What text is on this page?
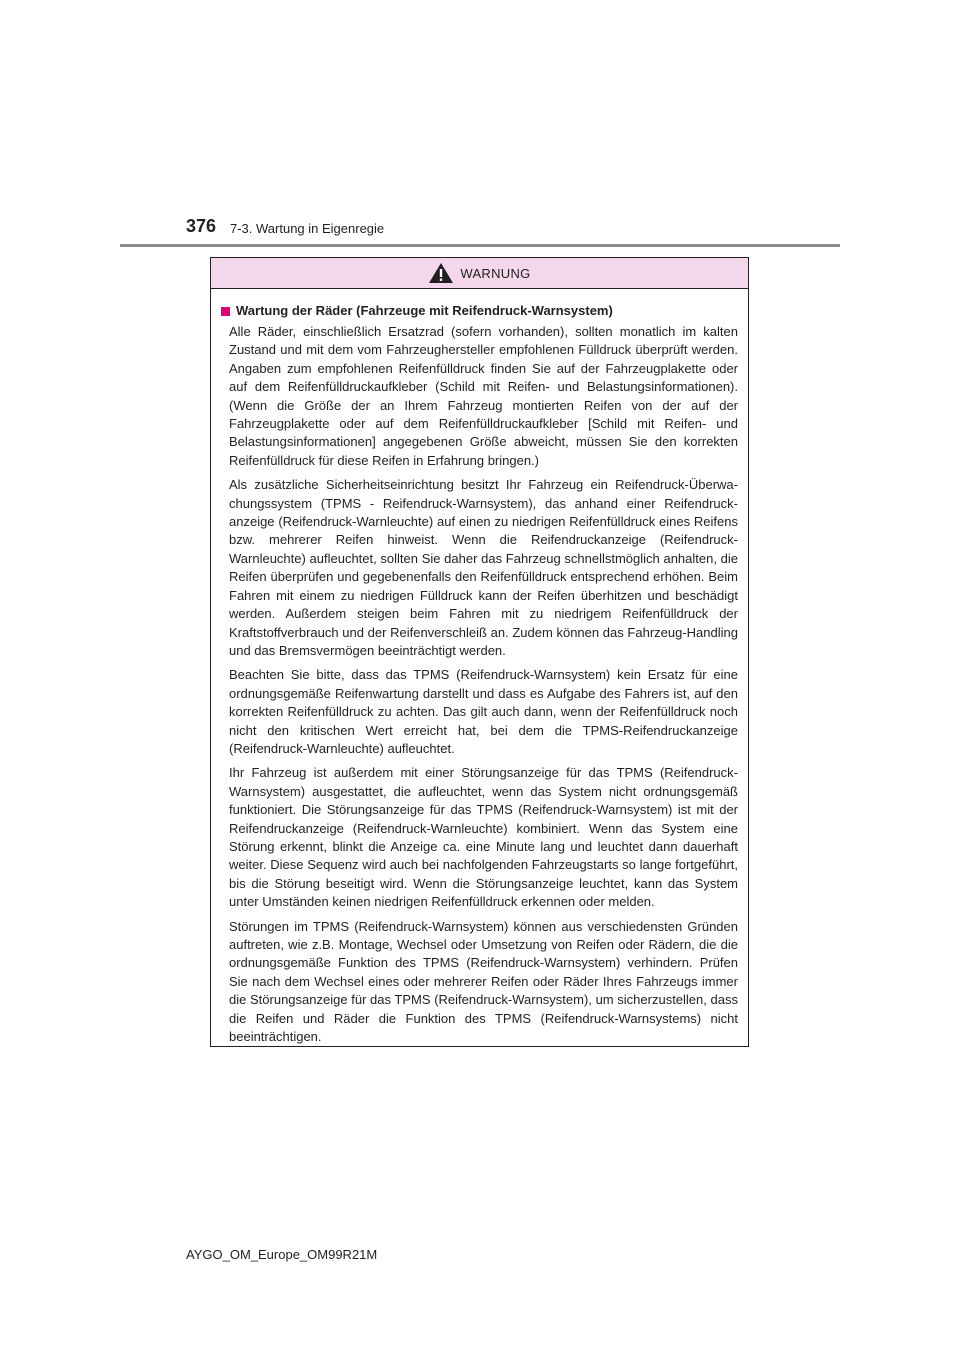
376 7-3. Wartung in Eigenregie
WARNUNG
Wartung der Räder (Fahrzeuge mit Reifendruck-Warnsystem)

Alle Räder, einschließlich Ersatzrad (sofern vorhanden), sollten monatlich im kalten Zustand und mit dem vom Fahrzeughersteller empfohlenen Fülldruck überprüft werden. Angaben zum empfohlenen Reifenfülldruck finden Sie auf der Fahrzeugplakette oder auf dem Reifenfülldruckaufkleber (Schild mit Reifen- und Belastungsinformationen). (Wenn die Größe der an Ihrem Fahrzeug montierten Reifen von der auf der Fahrzeugplakette oder auf dem Reifenfülldruckaufkleber [Schild mit Reifen- und Belastungsinformationen] angegebenen Größe abweicht, müssen Sie den korrekten Reifenfülldruck für diese Reifen in Erfahrung bringen.)

Als zusätzliche Sicherheitseinrichtung besitzt Ihr Fahrzeug ein Reifendruck-Überwachungssystem (TPMS - Reifendruck-Warnsystem), das anhand einer Reifendruckanzeige (Reifendruck-Warnleuchte) auf einen zu niedrigen Reifenfülldruck eines Reifens bzw. mehrerer Reifen hinweist. Wenn die Reifendruckanzeige (Reifendruck-Warnleuchte) aufleuchtet, sollten Sie daher das Fahrzeug schnellstmöglich anhalten, die Reifen überprüfen und gegebenenfalls den Reifenfülldruck entsprechend erhöhen. Beim Fahren mit einem zu niedrigen Fülldruck kann der Reifen überhitzen und beschädigt werden. Außerdem steigen beim Fahren mit zu niedrigem Reifenfülldruck der Kraftstoffverbrauch und der Reifenverschleiß an. Zudem können das Fahrzeug-Handling und das Bremsvermögen beeinträchtigt werden.

Beachten Sie bitte, dass das TPMS (Reifendruck-Warnsystem) kein Ersatz für eine ordnungsgemäße Reifenwartung darstellt und dass es Aufgabe des Fahrers ist, auf den korrekten Reifenfülldruck zu achten. Das gilt auch dann, wenn der Reifenfülldruck noch nicht den kritischen Wert erreicht hat, bei dem die TPMS-Reifendruckanzeige (Reifendruck-Warnleuchte) aufleuchtet.

Ihr Fahrzeug ist außerdem mit einer Störungsanzeige für das TPMS (Reifendruck-Warnsystem) ausgestattet, die aufleuchtet, wenn das System nicht ordnungsgemäß funktioniert. Die Störungsanzeige für das TPMS (Reifendruck-Warnsystem) ist mit der Reifendruckanzeige (Reifendruck-Warnleuchte) kombiniert. Wenn das System eine Störung erkennt, blinkt die Anzeige ca. eine Minute lang und leuchtet dann dauerhaft weiter. Diese Sequenz wird auch bei nachfolgenden Fahrzeugstarts so lange fortgeführt, bis die Störung beseitigt wird. Wenn die Störungsanzeige leuchtet, kann das System unter Umständen keinen niedrigen Reifenfülldruck erkennen oder melden.

Störungen im TPMS (Reifendruck-Warnsystem) können aus verschiedensten Gründen auftreten, wie z.B. Montage, Wechsel oder Umsetzung von Reifen oder Rädern, die die ordnungsgemäße Funktion des TPMS (Reifendruck-Warnsystem) verhindern. Prüfen Sie nach dem Wechsel eines oder mehrerer Reifen oder Räder Ihres Fahrzeugs immer die Störungsanzeige für das TPMS (Reifendruck-Warnsystem), um sicherzustellen, dass die Reifen und Räder die Funktion des TPMS (Reifendruck-Warnsystems) nicht beeinträchtigen.

AYGO_OM_Europe_OM99R21M
